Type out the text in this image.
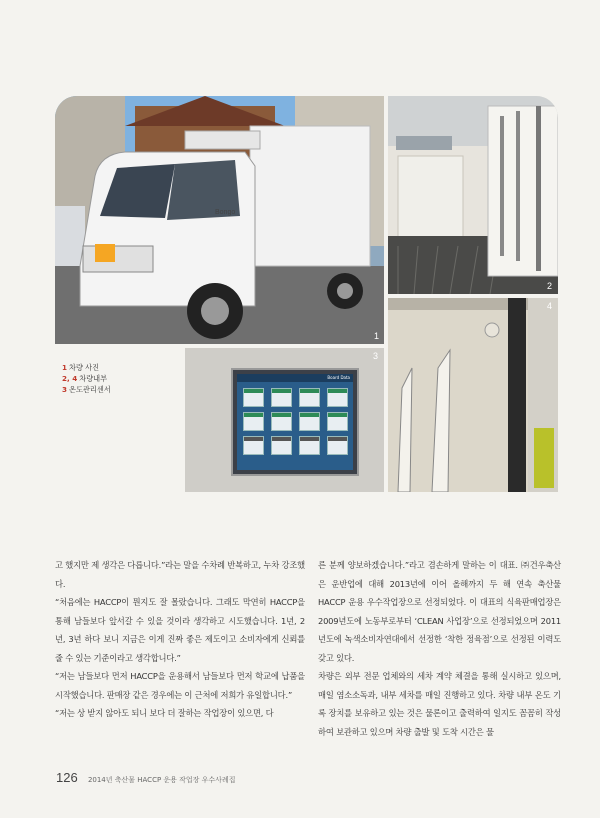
Bongo
1
2
Board Data
3
4
1 차량 사진
2, 4 차량내부
3 온도관리센서

고 했지만 제 생각은 다릅니다.”라는 말을 수차례 반복하고, 누차 강조했다.

“처음에는 HACCP이 뭔지도 잘 몰랐습니다. 그래도 막연히 HACCP을 통해 남들보다 앞서갈 수 있을 것이라 생각하고 시도했습니다. 1년, 2년, 3년 하다 보니 지금은 이게 진짜 좋은 제도이고 소비자에게 신뢰를 줄 수 있는 기준이라고 생각합니다.”

“저는 남들보다 먼저 HACCP을 운용해서 남들보다 먼저 학교에 납품을 시작했습니다. 판매장 같은 경우에는 이 근처에 저희가 유일합니다.”

“저는 상 받지 않아도 되니 보다 더 잘하는 작업장이 있으면, 다

른 분께 양보하겠습니다.”라고 겸손하게 말하는 이 대표. ㈜건우축산은 운반업에 대해 2013년에 이어 올해까지 두 해 연속 축산물 HACCP 운용 우수작업장으로 선정되었다. 이 대표의 식육판매업장은 2009년도에 노동부로부터 ‘CLEAN 사업장’으로 선정되었으며 2011년도에 녹색소비자연대에서 선정한 ‘착한 정육점’으로 선정된 이력도 갖고 있다.

차량은 외부 전문 업체와의 세차 계약 체결을 통해 실시하고 있으며, 매일 염소소독과, 내부 세차를 매일 진행하고 있다. 차량 내부 온도 기록 장치를 보유하고 있는 것은 물론이고 출력하여 일지도 꼼꼼히 작성하여 보관하고 있으며 차량 출발 및 도착 시간은 물

126 2014년 축산물 HACCP 운용 작업장 우수사례집
